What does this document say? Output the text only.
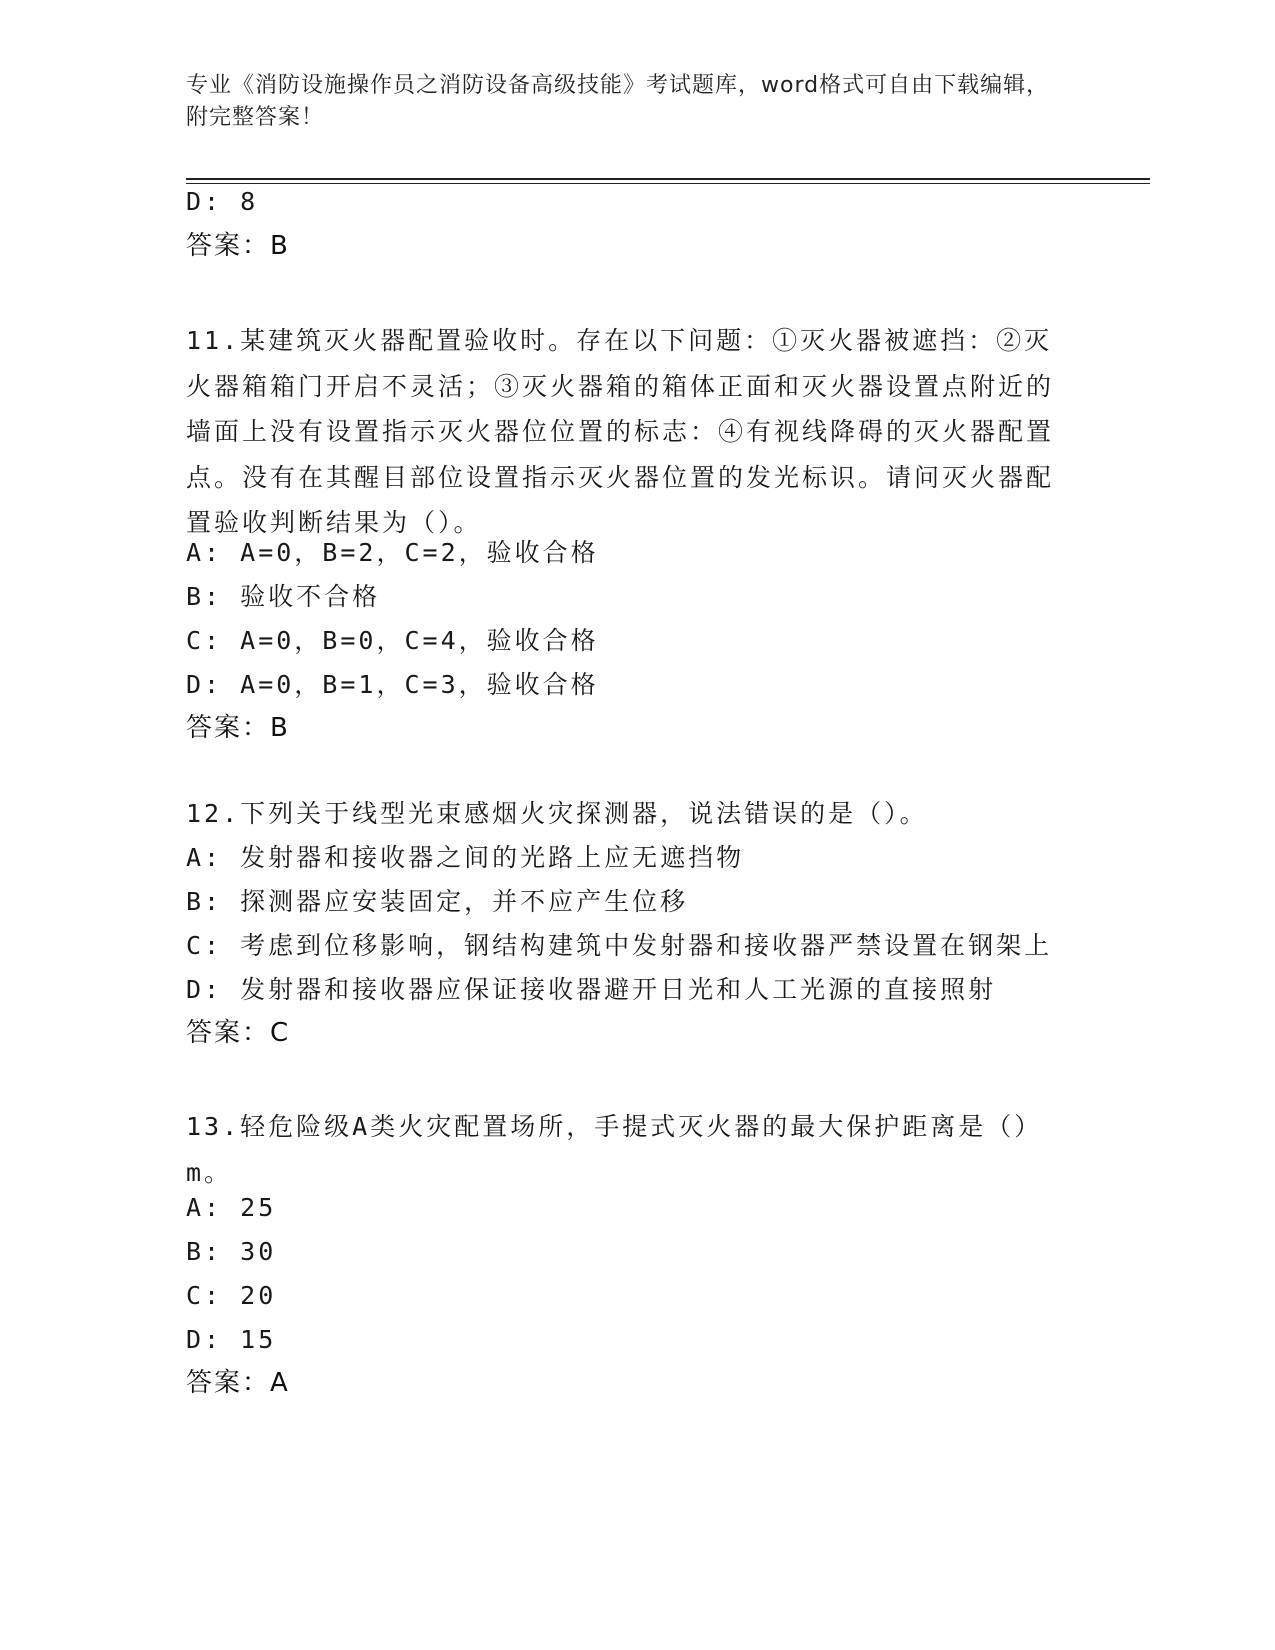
专业《消防设施操作员之消防设备高级技能》考试题库，word格式可自由下载编辑，附完整答案！
D: 8
答案：B
11.某建筑灭火器配置验收时。存在以下问题：①灭火器被遮挡：②灭火器箱箱门开启不灵活；③灭火器箱的箱体正面和灭火器设置点附近的墙面上没有设置指示灭火器位位置的标志：④有视线降碍的灭火器配置点。没有在其醒目部位设置指示灭火器位置的发光标识。请问灭火器配置验收判断结果为（）。
A: A=0，B=2，C=2，验收合格
B: 验收不合格
C: A=0，B=0，C=4，验收合格
D: A=0，B=1，C=3，验收合格
答案：B
12.下列关于线型光束感烟火灾探测器，说法错误的是（）。
A: 发射器和接收器之间的光路上应无遮挡物
B: 探测器应安装固定，并不应产生位移
C: 考虑到位移影响，钢结构建筑中发射器和接收器严禁设置在钢架上
D: 发射器和接收器应保证接收器避开日光和人工光源的直接照射
答案：C
13.轻危险级A类火灾配置场所，手提式灭火器的最大保护距离是（）m。
A: 25
B: 30
C: 20
D: 15
答案：A
